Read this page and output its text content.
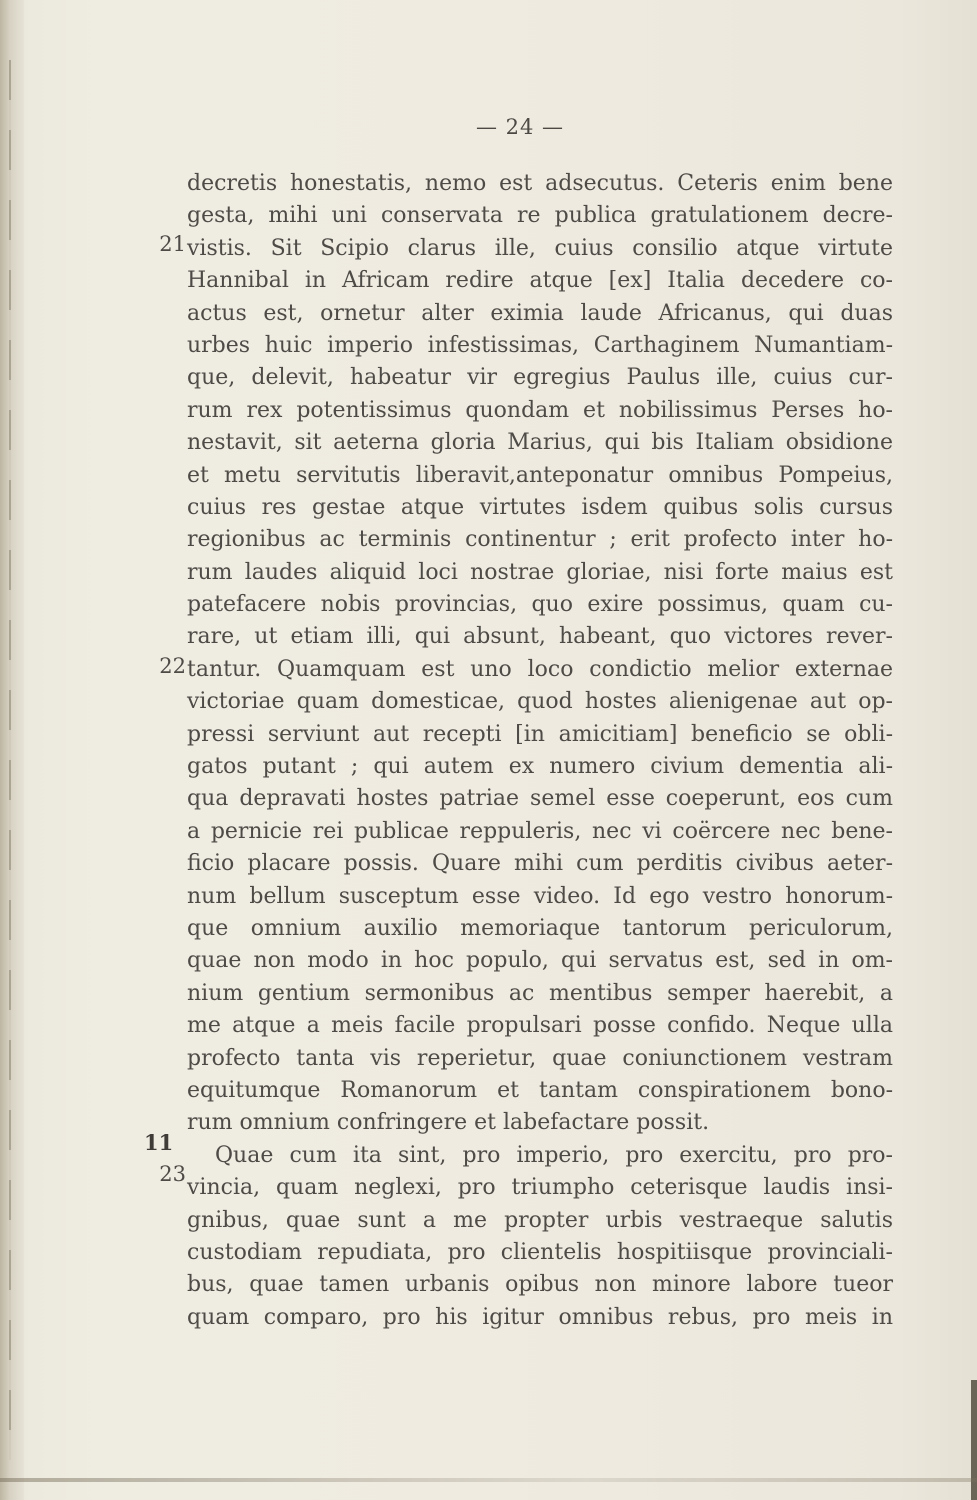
— 24 —
21
22
11
23
decretis honestatis, nemo est adsecutus. Ceteris enim bene
gesta, mihi uni conservata re publica gratulationem decre-
vistis. Sit Scipio clarus ille, cuius consilio atque virtute
Hannibal in Africam redire atque [ex] Italia decedere co-
actus est, ornetur alter eximia laude Africanus, qui duas
urbes huic imperio infestissimas, Carthaginem Numantiam-
que, delevit, habeatur vir egregius Paulus ille, cuius cur-
rum rex potentissimus quondam et nobilissimus Perses ho-
nestavit, sit aeterna gloria Marius, qui bis Italiam obsidione
et metu servitutis liberavit,anteponatur omnibus Pompeius,
cuius res gestae atque virtutes isdem quibus solis cursus
regionibus ac terminis continentur ; erit profecto inter ho-
rum laudes aliquid loci nostrae gloriae, nisi forte maius est
patefacere nobis provincias, quo exire possimus, quam cu-
rare, ut etiam illi, qui absunt, habeant, quo victores rever-
tantur. Quamquam est uno loco condictio melior externae
victoriae quam domesticae, quod hostes alienigenae aut op-
pressi serviunt aut recepti [in amicitiam] beneficio se obli-
gatos putant ; qui autem ex numero civium dementia ali-
qua depravati hostes patriae semel esse coeperunt, eos cum
a pernicie rei publicae reppuleris, nec vi coërcere nec bene-
ficio placare possis. Quare mihi cum perditis civibus aeter-
num bellum susceptum esse video. Id ego vestro honorum-
que omnium auxilio memoriaque tantorum periculorum,
quae non modo in hoc populo, qui servatus est, sed in om-
nium gentium sermonibus ac mentibus semper haerebit, a
me atque a meis facile propulsari posse confido. Neque ulla
profecto tanta vis reperietur, quae coniunctionem vestram
equitumque Romanorum et tantam conspirationem bono-
rum omnium confringere et labefactare possit.
Quae cum ita sint, pro imperio, pro exercitu, pro pro-
vincia, quam neglexi, pro triumpho ceterisque laudis insi-
gnibus, quae sunt a me propter urbis vestraeque salutis
custodiam repudiata, pro clientelis hospitiisque provinciali-
bus, quae tamen urbanis opibus non minore labore tueor
quam comparo, pro his igitur omnibus rebus, pro meis in
